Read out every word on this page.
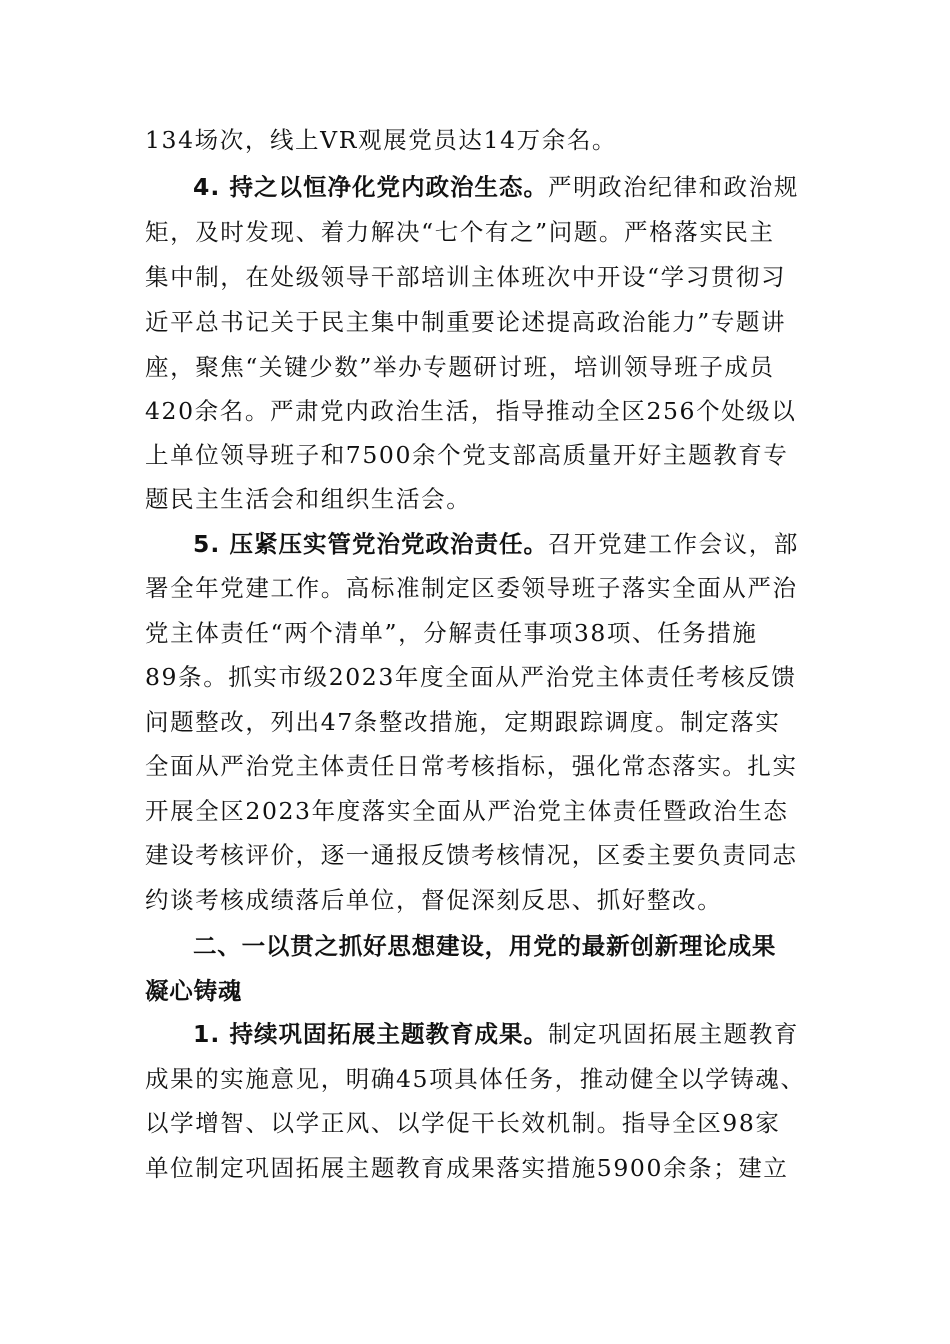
134场次，线上VR观展党员达14万余名。
4. 持之以恒净化党内政治生态。严明政治纪律和政治规
矩，及时发现、着力解决“七个有之”问题。严格落实民主
集中制，在处级领导干部培训主体班次中开设“学习贯彻习
近平总书记关于民主集中制重要论述提高政治能力”专题讲
座，聚焦“关键少数”举办专题研讨班，培训领导班子成员
420余名。严肃党内政治生活，指导推动全区256个处级以
上单位领导班子和7500余个党支部高质量开好主题教育专
题民主生活会和组织生活会。
5. 压紧压实管党治党政治责任。召开党建工作会议，部
署全年党建工作。高标准制定区委领导班子落实全面从严治
党主体责任“两个清单”，分解责任事项38项、任务措施
89条。抓实市级2023年度全面从严治党主体责任考核反馈
问题整改，列出47条整改措施，定期跟踪调度。制定落实
全面从严治党主体责任日常考核指标，强化常态落实。扎实
开展全区2023年度落实全面从严治党主体责任暨政治生态
建设考核评价，逐一通报反馈考核情况，区委主要负责同志
约谈考核成绩落后单位，督促深刻反思、抓好整改。
二、一以贯之抓好思想建设，用党的最新创新理论成果
凝心铸魂
1. 持续巩固拓展主题教育成果。制定巩固拓展主题教育
成果的实施意见，明确45项具体任务，推动健全以学铸魂、
以学增智、以学正风、以学促干长效机制。指导全区98家
单位制定巩固拓展主题教育成果落实措施5900余条；建立
